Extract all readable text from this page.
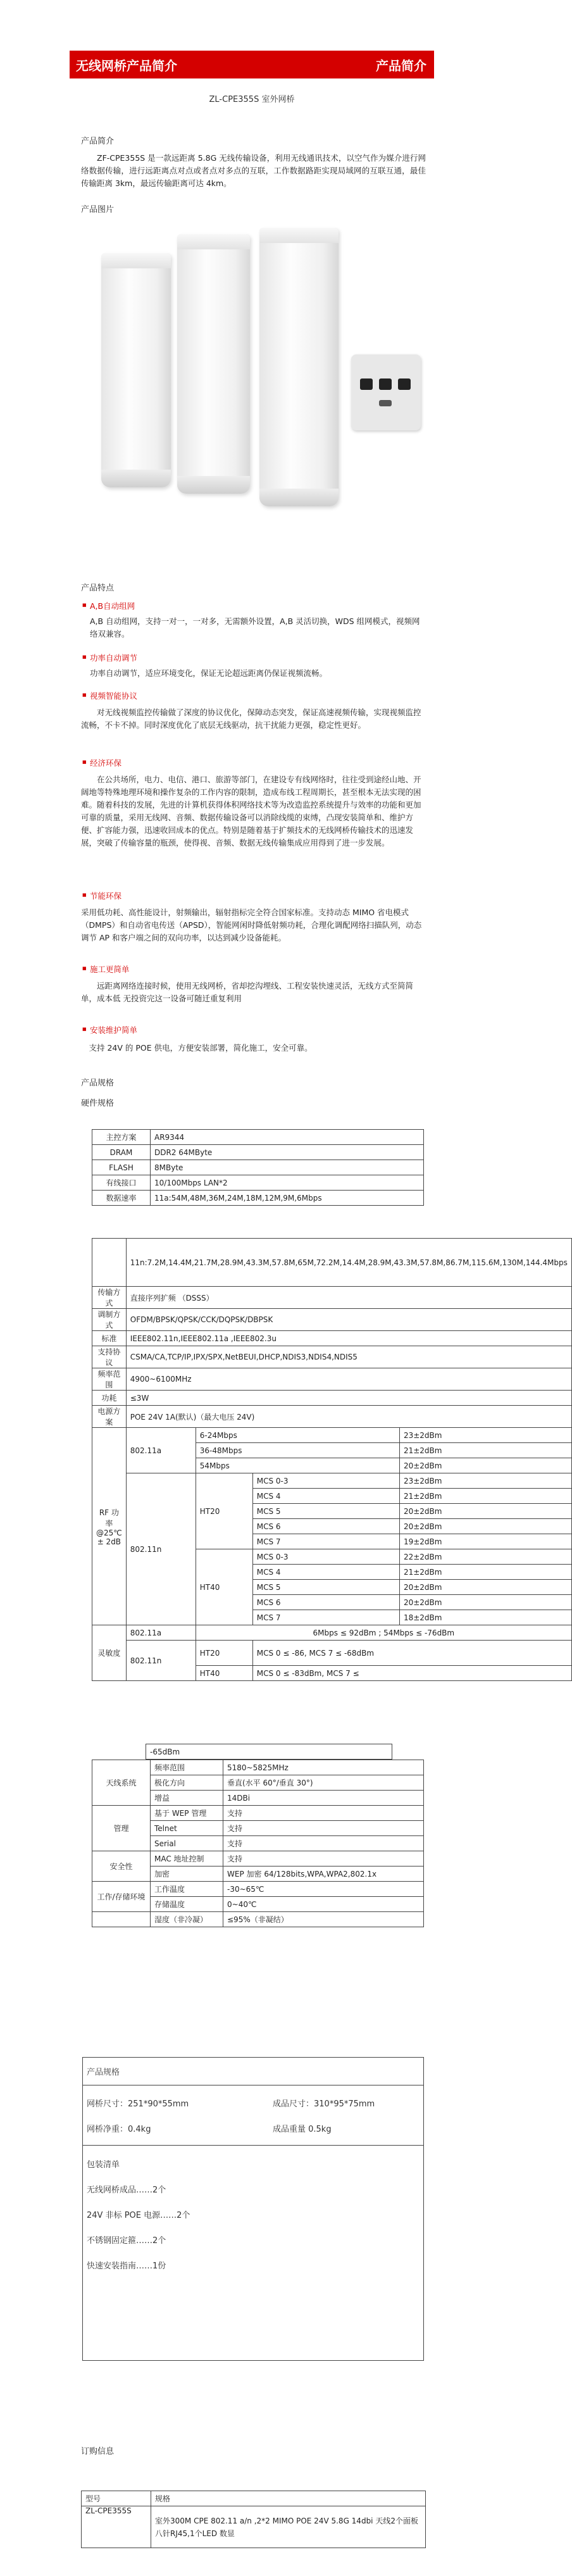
无线网桥产品简介	产品简介
ZL-CPE355S 室外网桥
产品简介
ZF-CPE355S 是一款远距离 5.8G 无线传输设备，利用无线通讯技术，以空气作为媒介进行网络数据传输，进行远距离点对点或者点对多点的互联，工作数据路距实现局域网的互联互通，最佳传输距离 3km，最远传输距离可达 4km。
产品图片
产品特点
■ A,B自动组网
A,B 自动组网，支持一对一，一对多，无需额外设置，A,B 灵活切换，WDS 组网模式，视频网络双兼容。
■ 功率自动调节
功率自动调节，适应环境变化，保证无论超远距离仍保证视频流畅。
■ 视频智能协议
对无线视频监控传输做了深度的协议优化，保障动态突发，保证高速视频传输，实现视频监控流畅，不卡不掉。同时深度优化了底层无线驱动，抗干扰能力更强，稳定性更好。
■ 经济环保
在公共场所，电力、电信、港口、旅游等部门，在建设专有线网络时，往往受到途经山地、开阔地等特殊地理环境和操作复杂的工作内容的限制，造成布线工程周期长，甚至根本无法实现的困难。随着科技的发展，先进的计算机获得体积网络技术等为改造监控系统提升与效率的功能和更加可靠的质量，采用无线网、音频、数据传输设备可以消除线缆的束缚，凸现安装简单和、维护方便、扩容能力强，迅速收回成本的优点。特别是随着基于扩频技术的无线网桥传输技术的迅速发展，突破了传输容量的瓶颈，使得视、音频、数据无线传输集成应用得到了进一步发展。
■ 节能环保
采用低功耗、高性能设计，射频输出，辐射指标完全符合国家标准。支持动态 MIMO 省电模式（DMPS）和自动省电传送（APSD），智能网闲时降低射频功耗，合理化调配网络扫描队列，动态调节 AP 和客户端之间的双向功率，以达到减少设备能耗。
■ 施工更简单
远距离网络连接时候，使用无线网桥，省却挖沟埋线、工程安装快速灵活，无线方式至简简单，成本低 无投资完这一设备可随迁重复利用
■ 安装维护简单
支持 24V 的 POE 供电，方便安装部署，简化施工，安全可靠。
产品规格
硬件规格
主控方案	AR9344
DRAM	DDR2 64MByte
FLASH	8MByte
有线接口	10/100Mbps LAN*2
数据速率	11a:54M,48M,36M,24M,18M,12M,9M,6Mbps
	11n:7.2M,14.4M,21.7M,28.9M,43.3M,57.8M,65M,72.2M,14.4M,28.9M,43.3M,57.8M,86.7M,115.6M,130M,144.4Mbps			
传输方式	直接序列扩频 （DSSS）			
调制方式	OFDM/BPSK/QPSK/CCK/DQPSK/DBPSK			
标准	IEEE802.11n,IEEE802.11a ,IEEE802.3u			
支持协议	CSMA/CA,TCP/IP,IPX/SPX,NetBEUI,DHCP,NDIS3,NDIS4,NDIS5			
频率范围	4900~6100MHz			
功耗	≤3W			
电源方案	POE 24V 1A(默认)（最大电压 24V)			
RF 功率
@25℃± 2dB	802.11a	6-24Mbps		23±2dBm
		36-48Mbps		21±2dBm
		54Mbps		20±2dBm
	802.11n	HT20	MCS 0-3	23±2dBm
			MCS 4	21±2dBm
			MCS 5	20±2dBm
			MCS 6	20±2dBm
			MCS 7	19±2dBm
		HT40	MCS 0-3	22±2dBm
			MCS 4	21±2dBm
			MCS 5	20±2dBm
			MCS 6	20±2dBm
			MCS 7	18±2dBm
灵敏度	802.11a	6Mbps ≤ 92dBm ; 54Mbps ≤ -76dBm		
	802.11n	HT20	MCS 0 ≤ -86, MCS 7 ≤ -68dBm	
		HT40	MCS 0 ≤ -83dBm, MCS 7 ≤	
-65dBm
天线系统	频率范围	5180~5825MHz
	极化方向	垂直(水平 60°/垂直 30°)
	增益	14DBi
管理	基于 WEP 管理	支持
	Telnet	支持
	Serial	支持
安全性	MAC 地址控制	支持
	加密	WEP 加密 64/128bits,WPA,WPA2,802.1x
工作/存储环境	工作温度	-30~65℃
	存储温度	0~40℃
	湿度（非冷凝）	≤95%（非凝结）
产品规格
网桥尺寸：251*90*55mm	成品尺寸：310*95*75mm
网桥净重：0.4kg	成品重量 0.5kg
包装清单
无线网桥成品……2个
24V 非标 POE 电源……2个
不锈钢固定箍……2个
快速安装指南……1份
订购信息
型号	规格
ZL-CPE355S	室外300M CPE 802.11 a/n ,2*2 MIMO POE 24V 5.8G 14dbi 天线2个面板八针RJ45,1个LED 数显
